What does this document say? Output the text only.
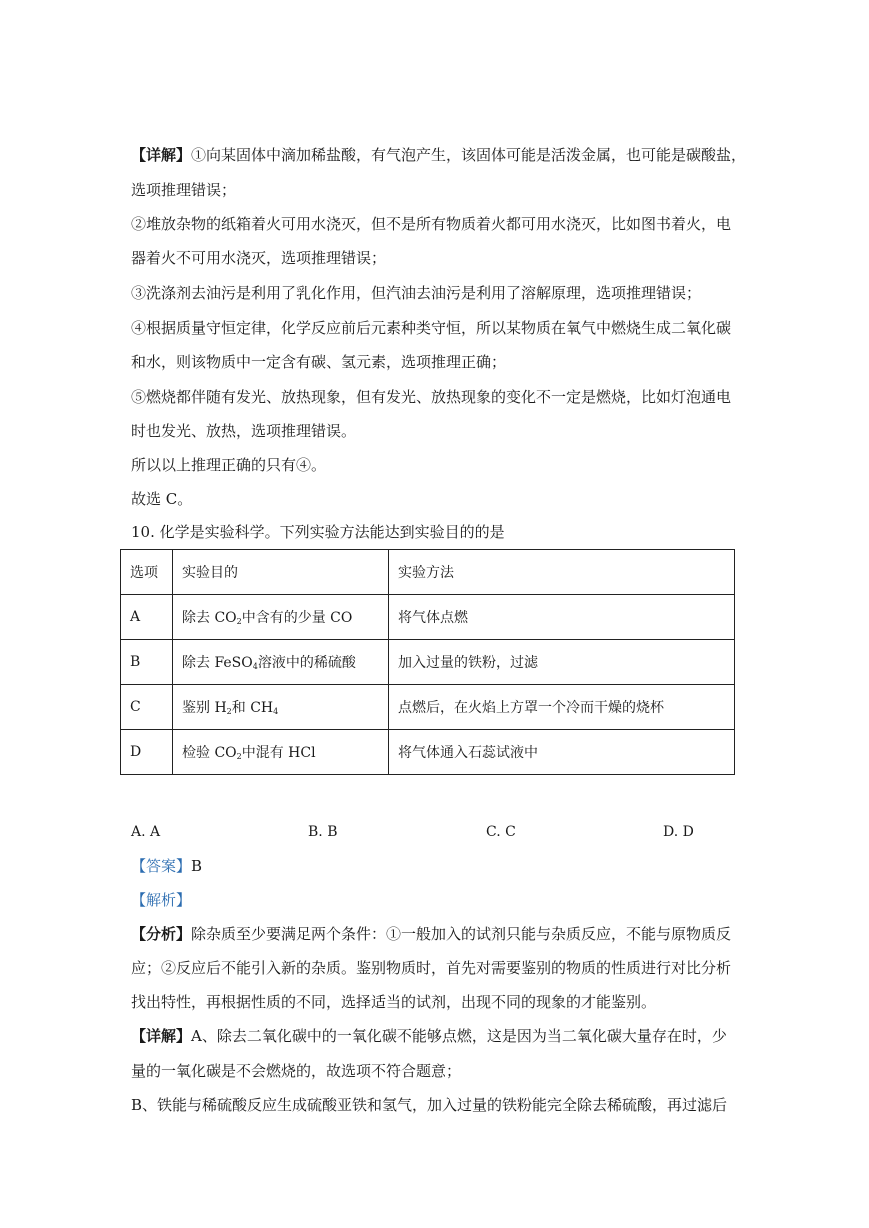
【详解】①向某固体中滴加稀盐酸，有气泡产生，该固体可能是活泼金属，也可能是碳酸盐，
选项推理错误；
②堆放杂物的纸箱着火可用水浇灭，但不是所有物质着火都可用水浇灭，比如图书着火，电
器着火不可用水浇灭，选项推理错误；
③洗涤剂去油污是利用了乳化作用，但汽油去油污是利用了溶解原理，选项推理错误；
④根据质量守恒定律，化学反应前后元素种类守恒，所以某物质在氧气中燃烧生成二氧化碳
和水，则该物质中一定含有碳、氢元素，选项推理正确；
⑤燃烧都伴随有发光、放热现象，但有发光、放热现象的变化不一定是燃烧，比如灯泡通电
时也发光、放热，选项推理错误。
所以以上推理正确的只有④。
故选 C。
10. 化学是实验科学。下列实验方法能达到实验目的的是
选项	实验目的	实验方法
A	除去 $CO_2$中含有的少量 CO	将气体点燃
B	除去 FeSO$_4$溶液中的稀硫酸	加入过量的铁粉，过滤
C	鉴别 $H_2$和 $CH_4$	点燃后，在火焰上方罩一个冷而干燥的烧杯
D	检验 $CO_2$中混有 HCl	将气体通入石蕊试液中
A. A	B. B	C. C	D. D
【答案】B
【解析】
【分析】除杂质至少要满足两个条件：①一般加入的试剂只能与杂质反应，不能与原物质反
应；②反应后不能引入新的杂质。鉴别物质时，首先对需要鉴别的物质的性质进行对比分析
找出特性，再根据性质的不同，选择适当的试剂，出现不同的现象的才能鉴别。
【详解】A、除去二氧化碳中的一氧化碳不能够点燃，这是因为当二氧化碳大量存在时，少
量的一氧化碳是不会燃烧的，故选项不符合题意；
B、铁能与稀硫酸反应生成硫酸亚铁和氢气，加入过量的铁粉能完全除去稀硫酸，再过滤后
